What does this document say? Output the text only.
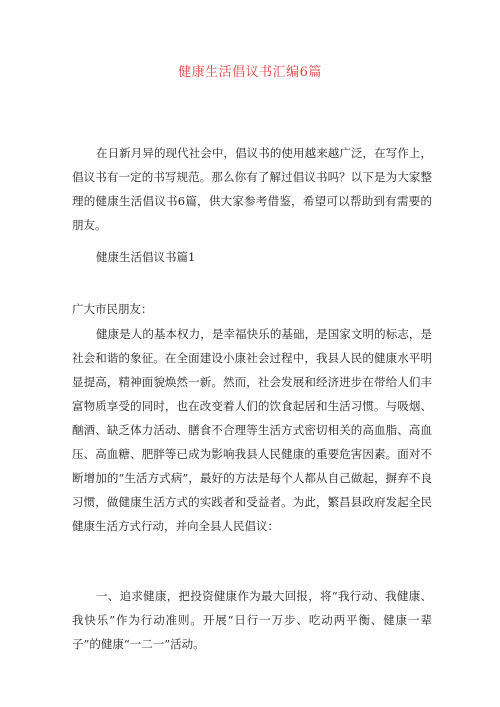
健康生活倡议书汇编6篇

在日新月异的现代社会中，倡议书的使用越来越广泛，在写作上，倡议书有一定的书写规范。那么你有了解过倡议书吗？以下是为大家整理的健康生活倡议书6篇，供大家参考借鉴，希望可以帮助到有需要的朋友。

健康生活倡议书篇1

广大市民朋友：

健康是人的基本权力，是幸福快乐的基础，是国家文明的标志，是社会和谐的象征。在全面建设小康社会过程中，我县人民的健康水平明显提高，精神面貌焕然一新。然而，社会发展和经济进步在带给人们丰富物质享受的同时，也在改变着人们的饮食起居和生活习惯。与吸烟、酗酒、缺乏体力活动、膳食不合理等生活方式密切相关的高血脂、高血压、高血糖、肥胖等已成为影响我县人民健康的重要危害因素。面对不断增加的“生活方式病”，最好的方法是每个人都从自己做起，摒弃不良习惯，做健康生活方式的实践者和受益者。为此，繁昌县政府发起全民健康生活方式行动，并向全县人民倡议：

一、追求健康，把投资健康作为最大回报，将“我行动、我健康、我快乐”作为行动准则。开展“日行一万步、吃动两平衡、健康一辈子”的健康“一二一”活动。
